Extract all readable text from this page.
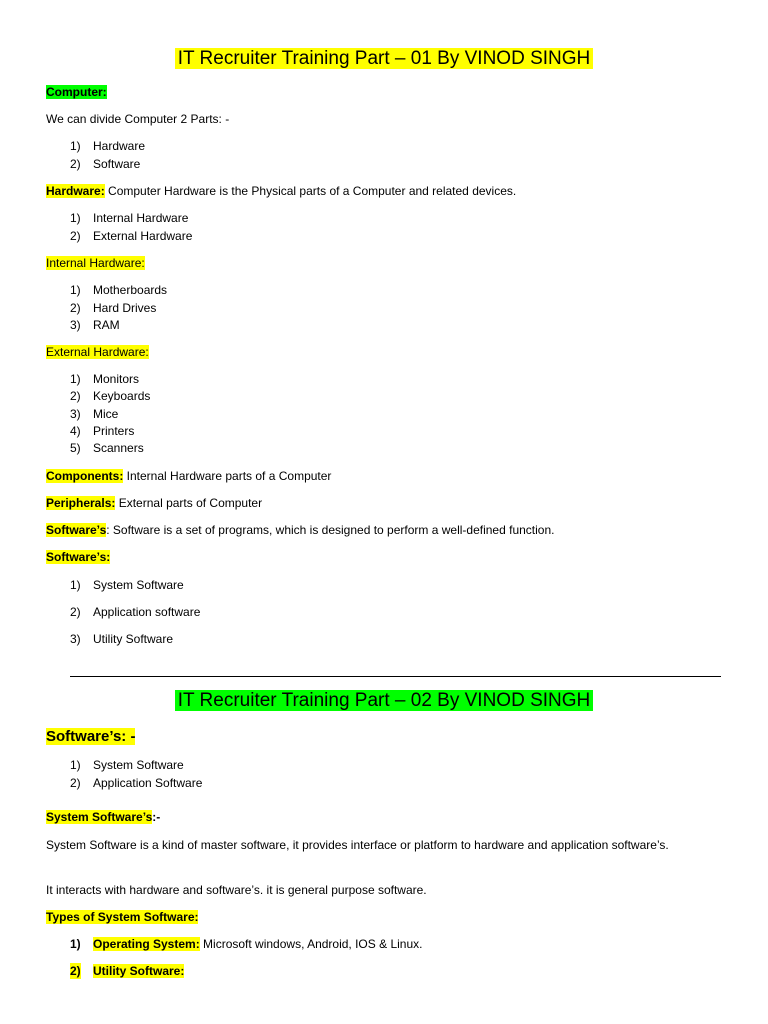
IT Recruiter Training Part – 01 By VINOD SINGH
Computer:
We can divide Computer 2 Parts: -
1) Hardware
2) Software
Hardware: Computer Hardware is the Physical parts of a Computer and related devices.
1) Internal Hardware
2) External Hardware
Internal Hardware:
1) Motherboards
2) Hard Drives
3) RAM
External Hardware:
1) Monitors
2) Keyboards
3) Mice
4) Printers
5) Scanners
Components: Internal Hardware parts of a Computer
Peripherals: External parts of Computer
Software’s: Software is a set of programs, which is designed to perform a well-defined function.
Software’s:
1) System Software
2) Application software
3) Utility Software
IT Recruiter Training Part – 02 By VINOD SINGH
Software’s: -
1) System Software
2) Application Software
System Software’s:-
System Software is a kind of master software, it provides interface or platform to hardware and application software’s.
It interacts with hardware and software’s. it is general purpose software.
Types of System Software:
1) Operating System: Microsoft windows, Android, IOS & Linux.
2) Utility Software:
